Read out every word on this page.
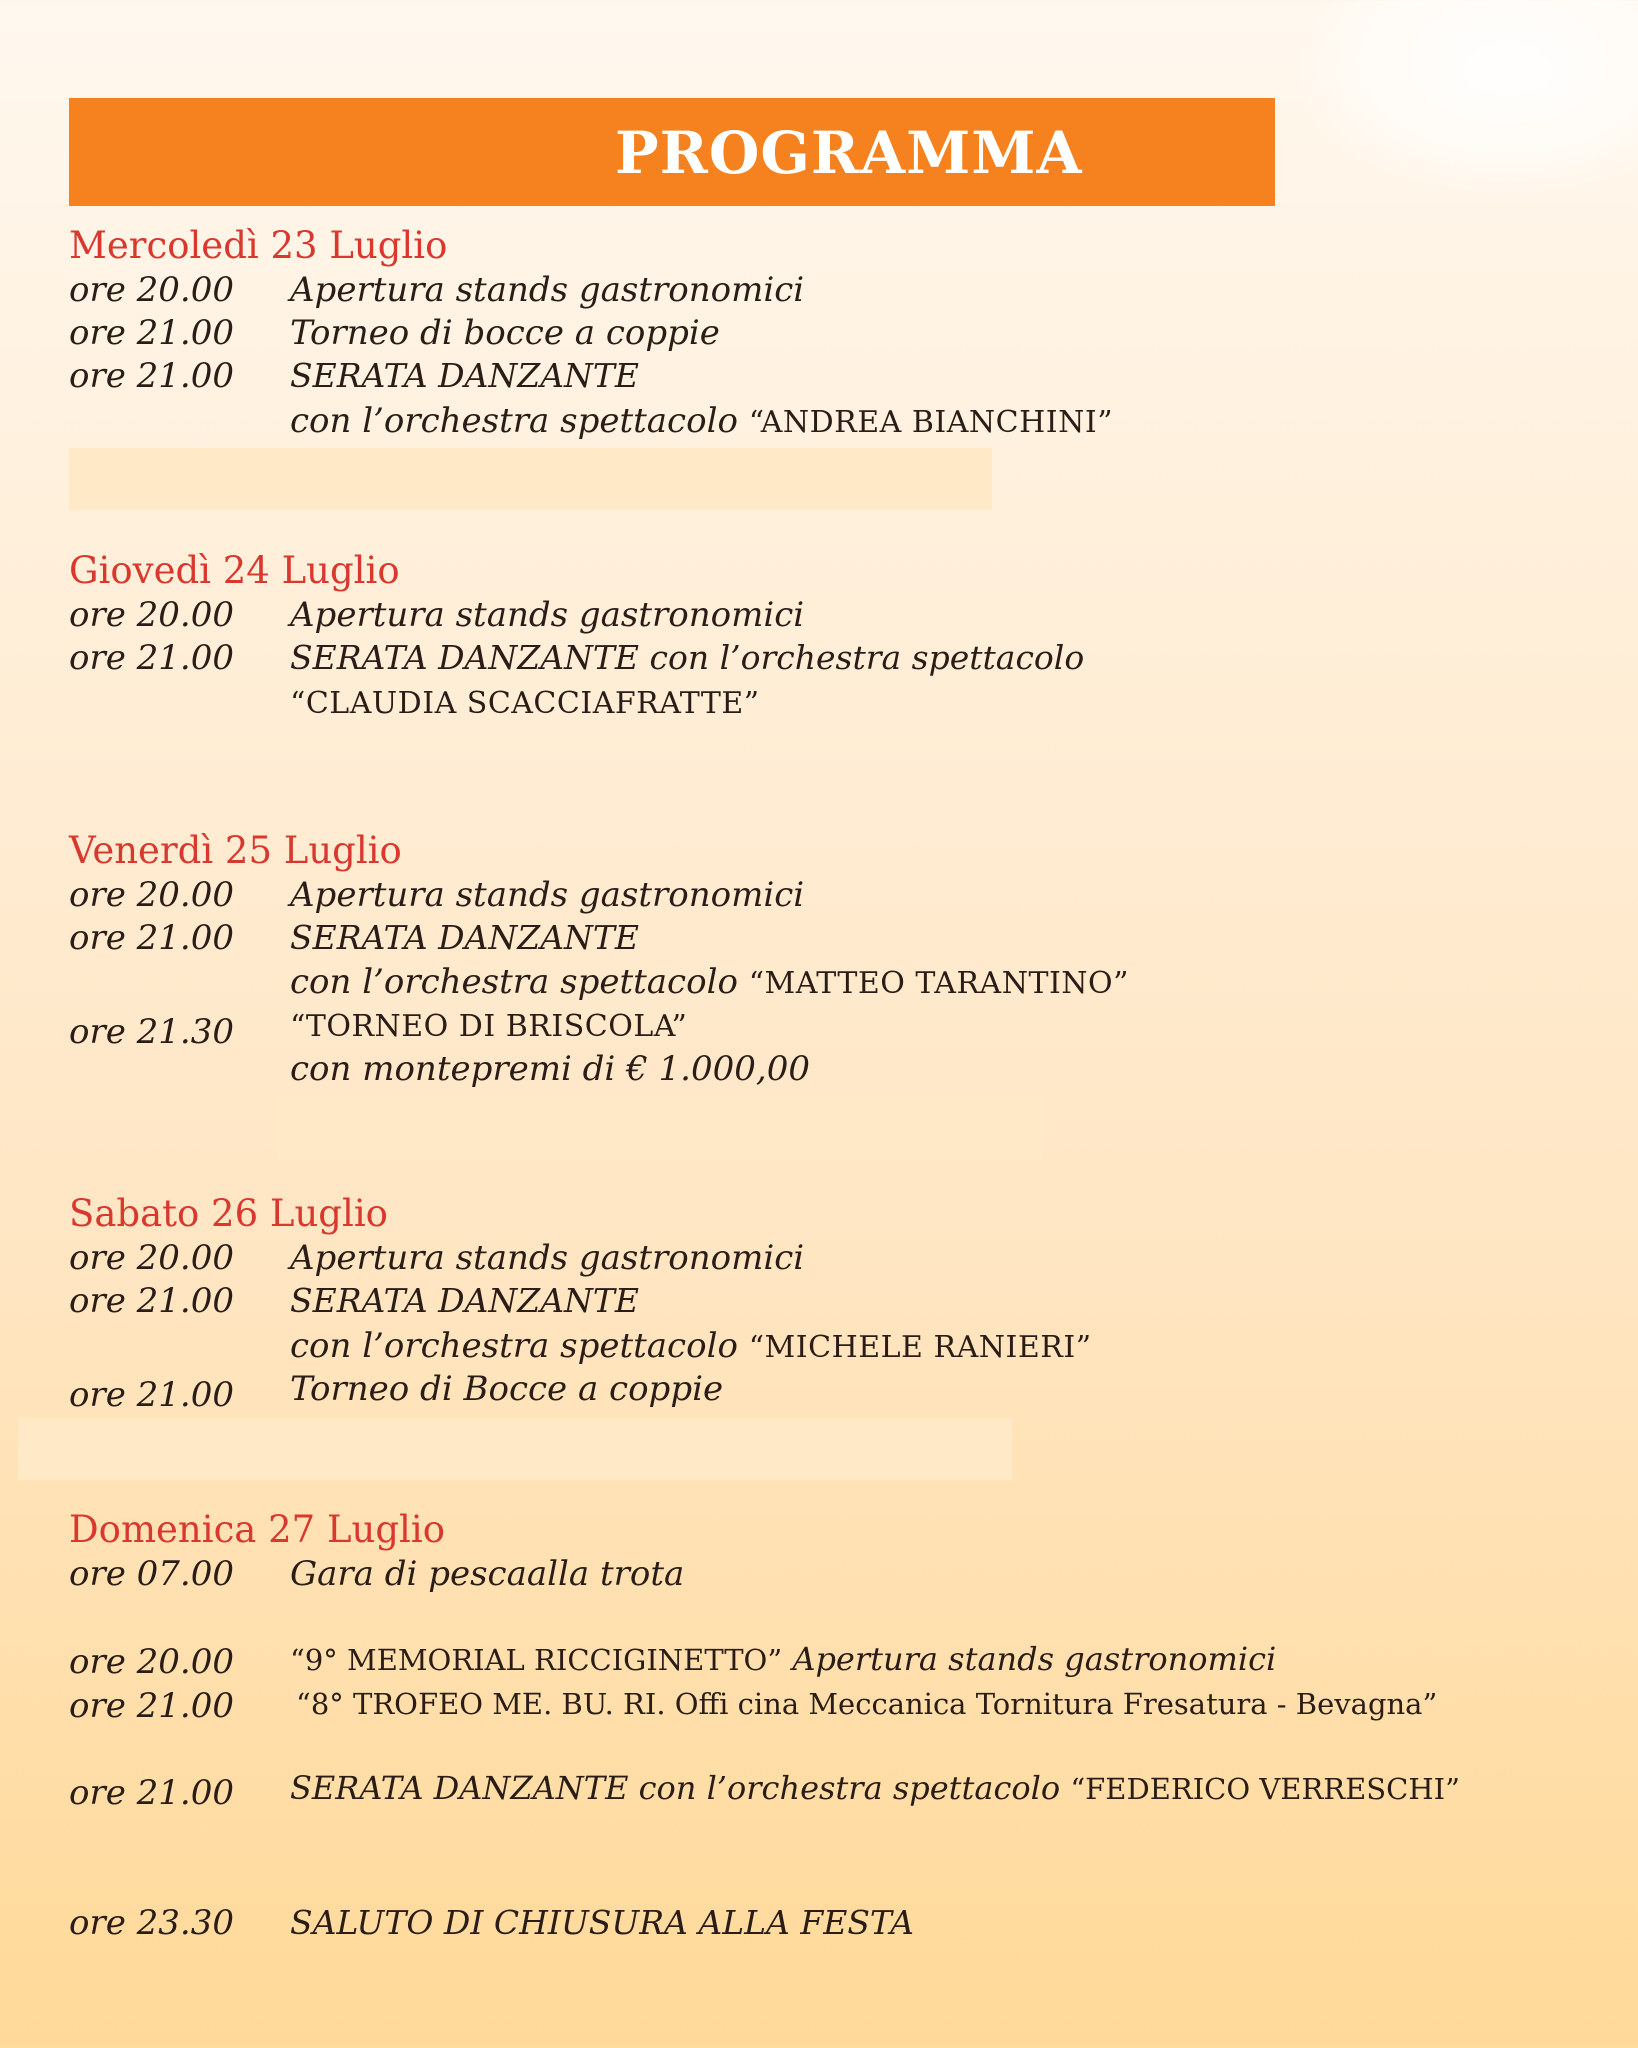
PROGRAMMA
Mercoledì 23 Luglio
ore 20.00 Apertura stands gastronomici
ore 21.00 Torneo di bocce a coppie
ore 21.00 SERATA DANZANTE
con l’orchestra spettacolo “ANDREA BIANCHINI”
Giovedì 24 Luglio
ore 20.00 Apertura stands gastronomici
ore 21.00 SERATA DANZANTE con l’orchestra spettacolo
“CLAUDIA SCACCIAFRATTE”
Venerdì 25 Luglio
ore 20.00 Apertura stands gastronomici
ore 21.00 SERATA DANZANTE
con l’orchestra spettacolo “MATTEO TARANTINO”
ore 21.30 “TORNEO DI BRISCOLA”
con montepremi di € 1.000,00
Sabato 26 Luglio
ore 20.00 Apertura stands gastronomici
ore 21.00 SERATA DANZANTE
con l’orchestra spettacolo “MICHELE RANIERI”
ore 21.00 Torneo di Bocce a coppie
Domenica 27 Luglio
ore 07.00 Gara di pescaalla trota
ore 20.00 “9° MEMORIAL RICCIGINETTO” Apertura stands gastronomici
ore 21.00 “8° TROFEO ME. BU. RI. Offi cina Meccanica Tornitura Fresatura - Bevagna”
ore 21.00 SERATA DANZANTE con l’orchestra spettacolo “FEDERICO VERRESCHI”
ore 23.30 SALUTO DI CHIUSURA ALLA FESTA
